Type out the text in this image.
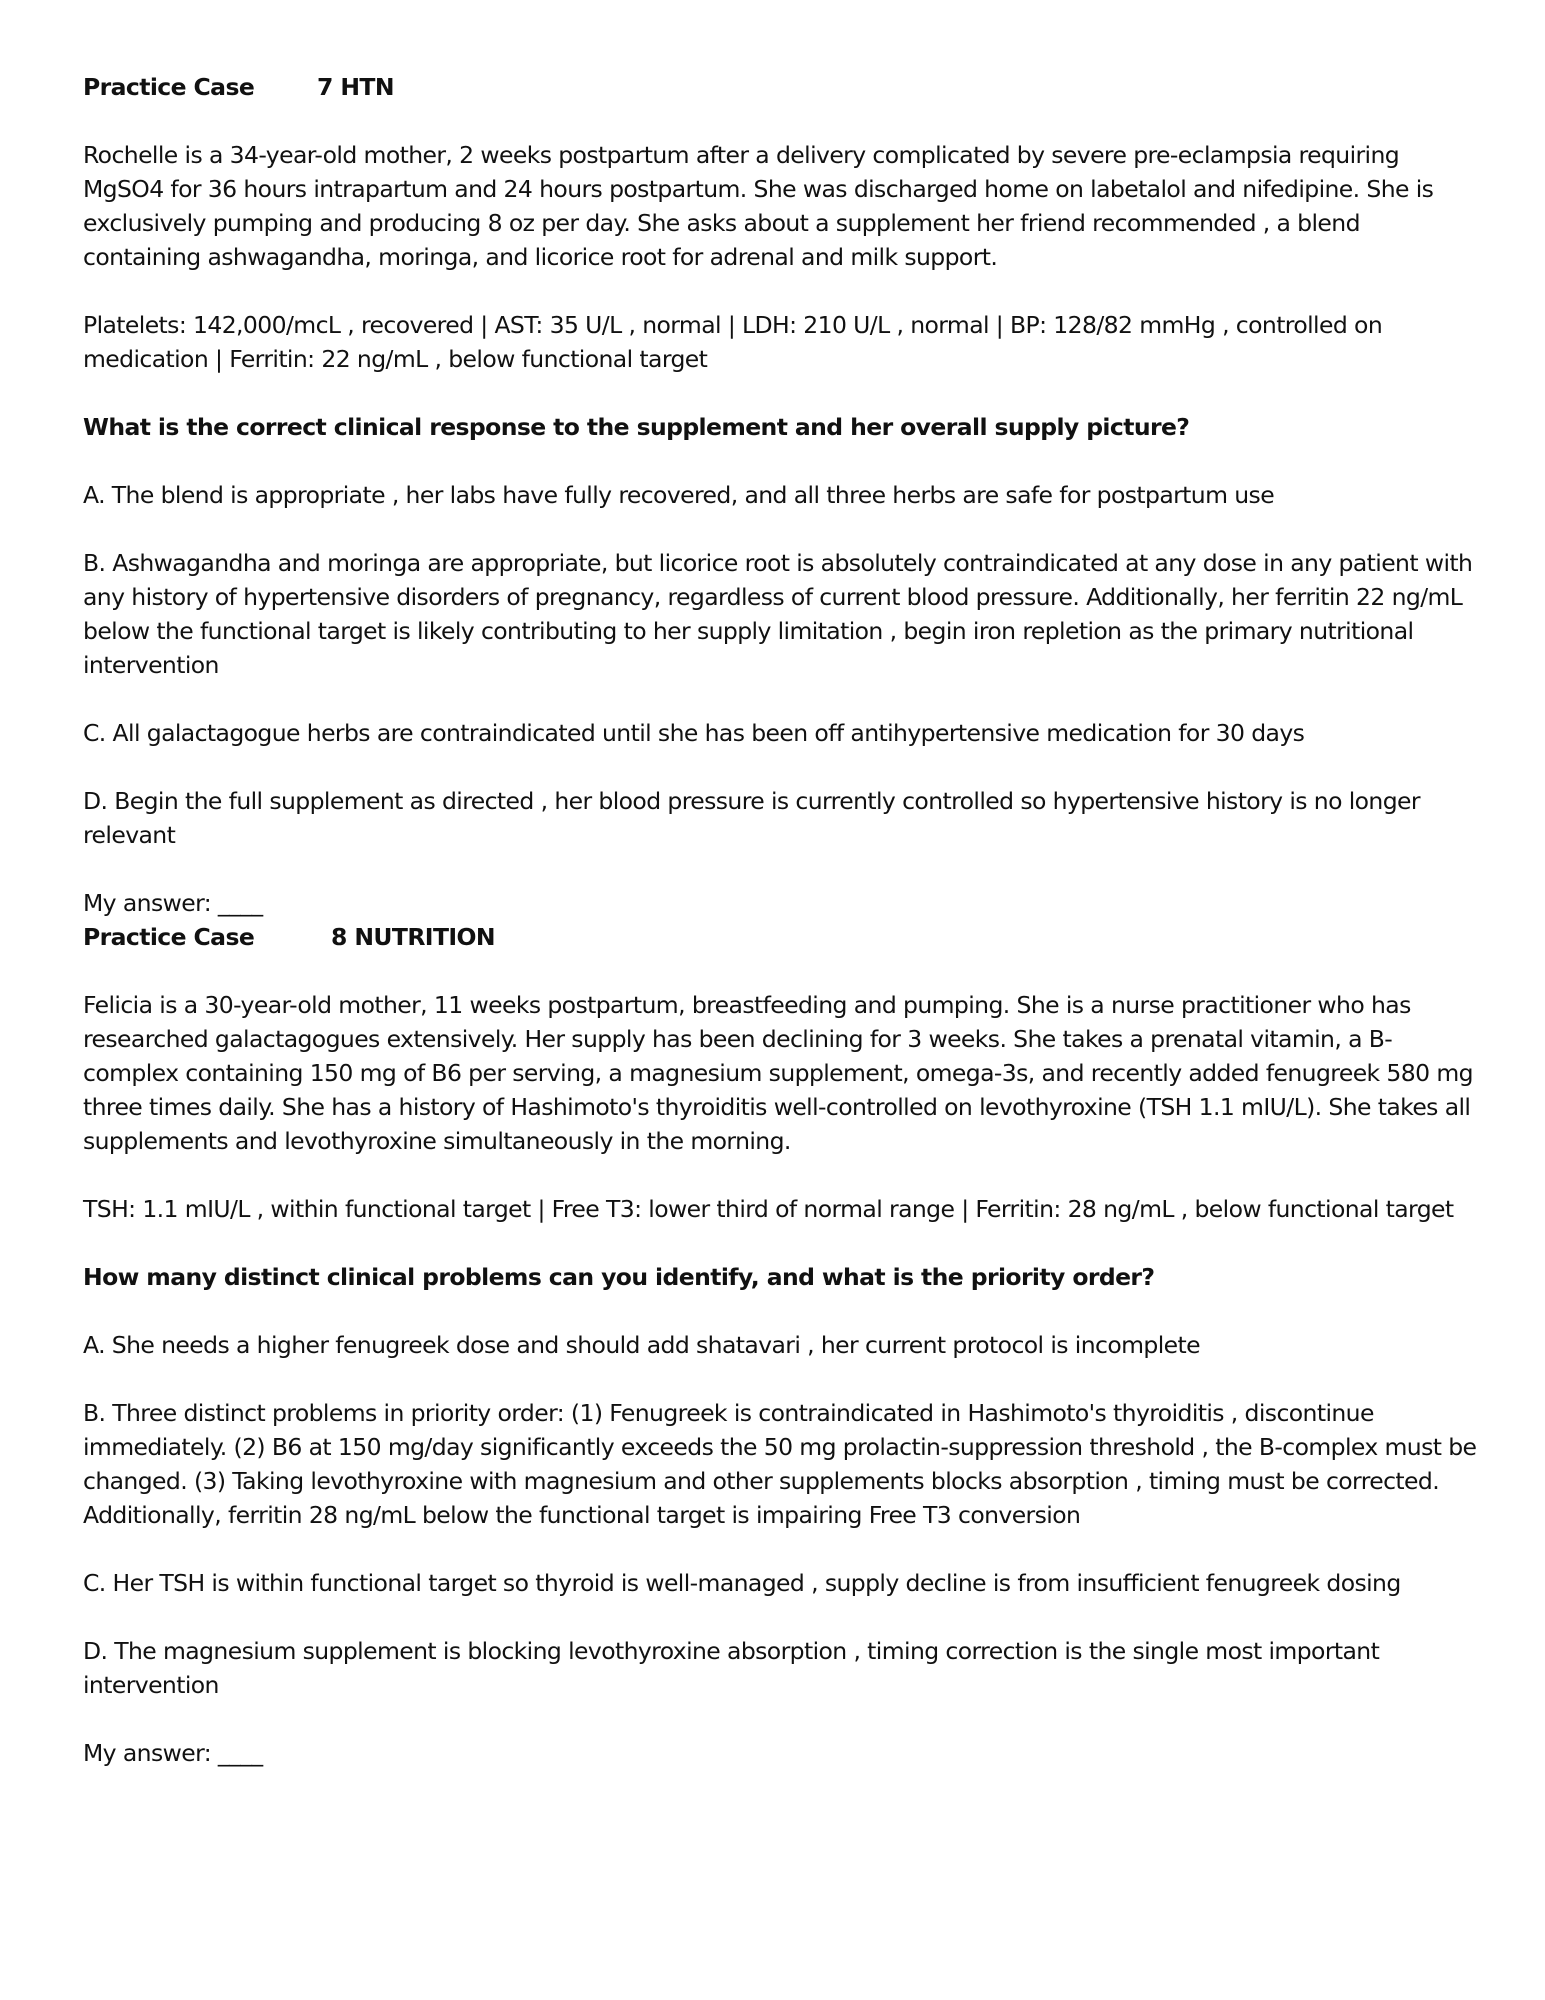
Practice Case	7 HTN

Rochelle is a 34-year-old mother, 2 weeks postpartum after a delivery complicated by severe pre-eclampsia requiring MgSO4 for 36 hours intrapartum and 24 hours postpartum. She was discharged home on labetalol and nifedipine. She is exclusively pumping and producing 8 oz per day. She asks about a supplement her friend recommended , a blend containing ashwagandha, moringa, and licorice root for adrenal and milk support.

Platelets: 142,000/mcL , recovered | AST: 35 U/L , normal | LDH: 210 U/L , normal | BP: 128/82 mmHg , controlled on medication | Ferritin: 22 ng/mL , below functional target

What is the correct clinical response to the supplement and her overall supply picture?

A. The blend is appropriate , her labs have fully recovered, and all three herbs are safe for postpartum use

B. Ashwagandha and moringa are appropriate, but licorice root is absolutely contraindicated at any dose in any patient with any history of hypertensive disorders of pregnancy, regardless of current blood pressure. Additionally, her ferritin 22 ng/mL below the functional target is likely contributing to her supply limitation , begin iron repletion as the primary nutritional intervention

C. All galactagogue herbs are contraindicated until she has been off antihypertensive medication for 30 days

D. Begin the full supplement as directed , her blood pressure is currently controlled so hypertensive history is no longer relevant

My answer: ____

Practice Case	8 NUTRITION

Felicia is a 30-year-old mother, 11 weeks postpartum, breastfeeding and pumping. She is a nurse practitioner who has researched galactagogues extensively. Her supply has been declining for 3 weeks. She takes a prenatal vitamin, a B-complex containing 150 mg of B6 per serving, a magnesium supplement, omega-3s, and recently added fenugreek 580 mg three times daily. She has a history of Hashimoto's thyroiditis well-controlled on levothyroxine (TSH 1.1 mIU/L). She takes all supplements and levothyroxine simultaneously in the morning.

TSH: 1.1 mIU/L , within functional target | Free T3: lower third of normal range | Ferritin: 28 ng/mL , below functional target

How many distinct clinical problems can you identify, and what is the priority order?

A. She needs a higher fenugreek dose and should add shatavari , her current protocol is incomplete

B. Three distinct problems in priority order: (1) Fenugreek is contraindicated in Hashimoto's thyroiditis , discontinue immediately. (2) B6 at 150 mg/day significantly exceeds the 50 mg prolactin-suppression threshold , the B-complex must be changed. (3) Taking levothyroxine with magnesium and other supplements blocks absorption , timing must be corrected. Additionally, ferritin 28 ng/mL below the functional target is impairing Free T3 conversion

C. Her TSH is within functional target so thyroid is well-managed , supply decline is from insufficient fenugreek dosing

D. The magnesium supplement is blocking levothyroxine absorption , timing correction is the single most important intervention

My answer: ____
